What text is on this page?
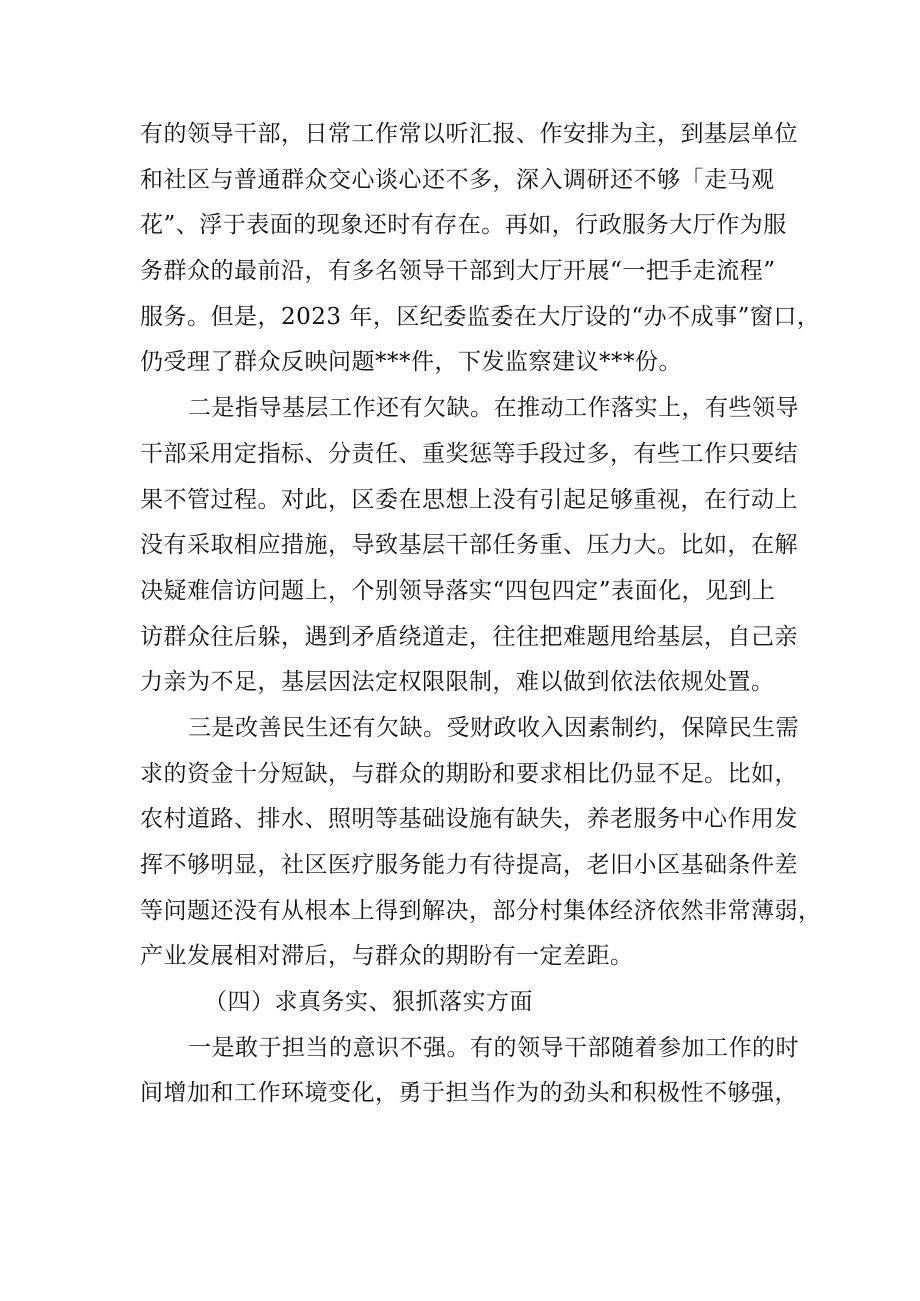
有的领导干部，日常工作常以听汇报、作安排为主，到基层单位
和社区与普通群众交心谈心还不多，深入调研还不够「走马观
花”、浮于表面的现象还时有存在。再如，行政服务大厅作为服
务群众的最前沿，有多名领导干部到大厅开展“一把手走流程”
服务。但是，2023 年，区纪委监委在大厅设的“办不成事”窗口，
仍受理了群众反映问题***件，下发监察建议***份。
二是指导基层工作还有欠缺。在推动工作落实上，有些领导
干部采用定指标、分责任、重奖惩等手段过多，有些工作只要结
果不管过程。对此，区委在思想上没有引起足够重视，在行动上
没有采取相应措施，导致基层干部任务重、压力大。比如，在解
决疑难信访问题上，个别领导落实“四包四定”表面化，见到上
访群众往后躲，遇到矛盾绕道走，往往把难题甩给基层，自己亲
力亲为不足，基层因法定权限限制，难以做到依法依规处置。
三是改善民生还有欠缺。受财政收入因素制约，保障民生需
求的资金十分短缺，与群众的期盼和要求相比仍显不足。比如，
农村道路、排水、照明等基础设施有缺失，养老服务中心作用发
挥不够明显，社区医疗服务能力有待提高，老旧小区基础条件差
等问题还没有从根本上得到解决，部分村集体经济依然非常薄弱，
产业发展相对滞后，与群众的期盼有一定差距。
（四）求真务实、狠抓落实方面
一是敢于担当的意识不强。有的领导干部随着参加工作的时
间增加和工作环境变化，勇于担当作为的劲头和积极性不够强，
